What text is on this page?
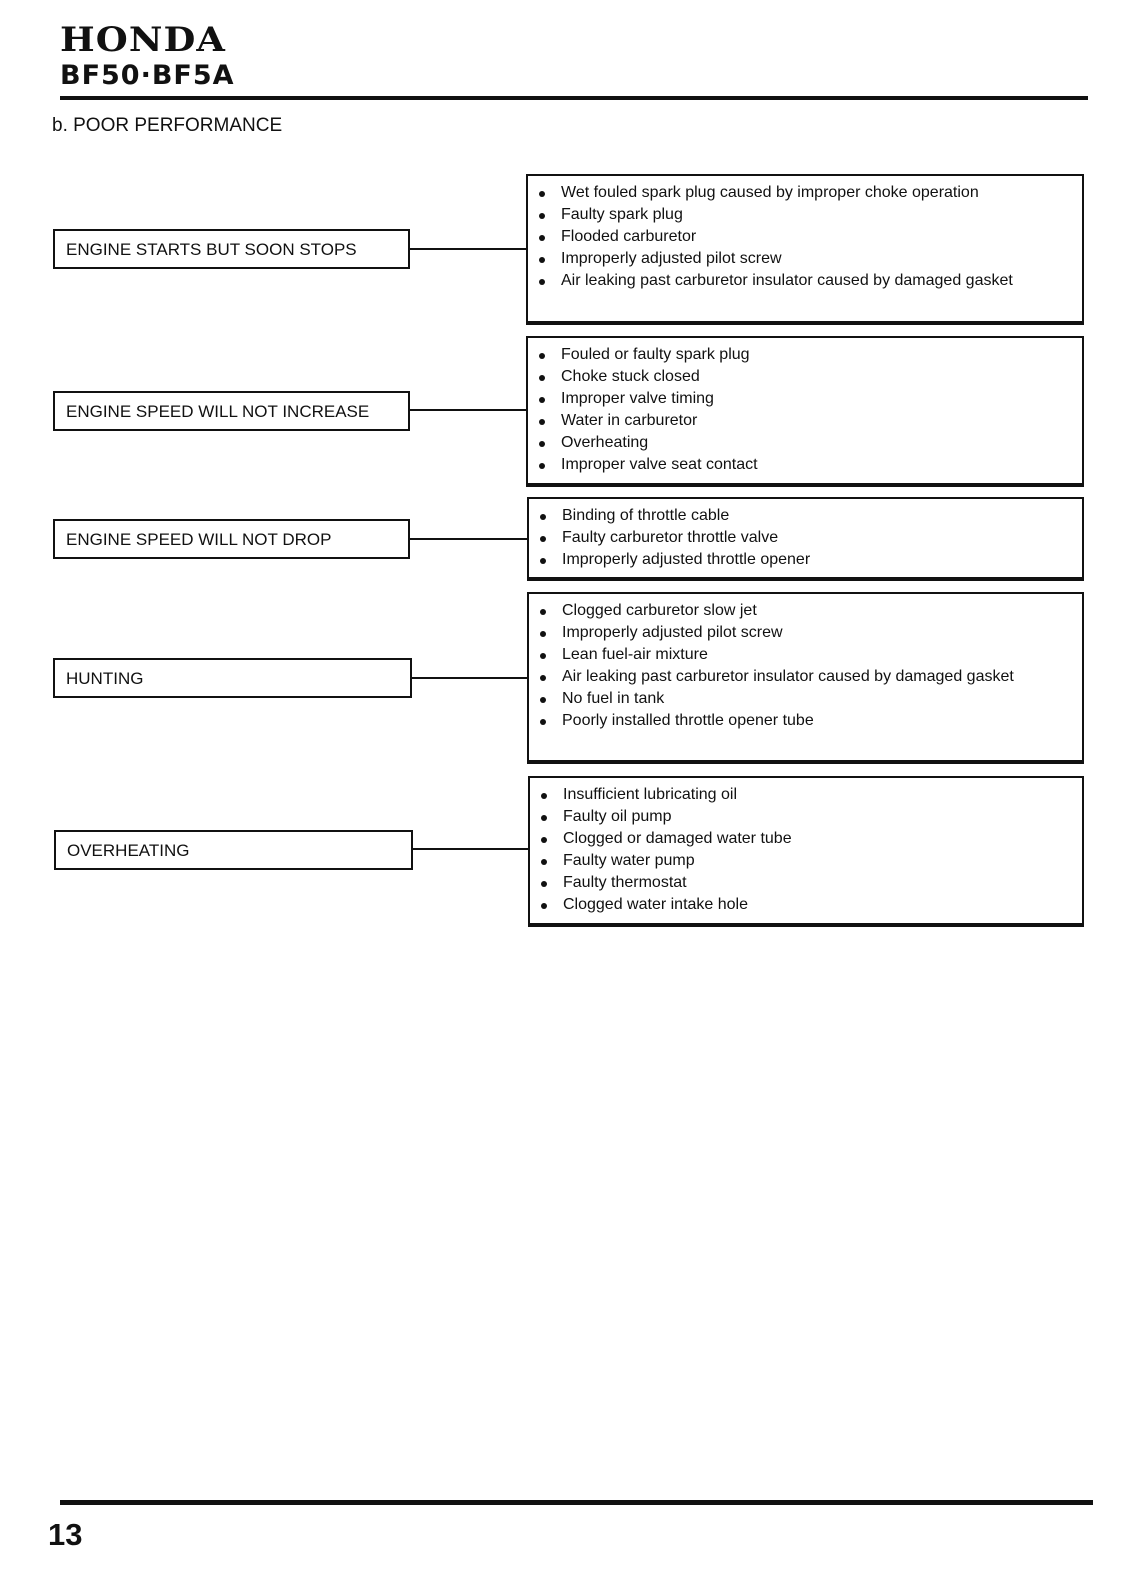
HONDA
BF50·BF5A
b. POOR PERFORMANCE
ENGINE STARTS BUT SOON STOPS
Wet fouled spark plug caused by improper choke operation
Faulty spark plug
Flooded carburetor
Improperly adjusted pilot screw
Air leaking past carburetor insulator caused by damaged gasket
ENGINE SPEED WILL NOT INCREASE
Fouled or faulty spark plug
Choke stuck closed
Improper valve timing
Water in carburetor
Overheating
Improper valve seat contact
ENGINE SPEED WILL NOT DROP
Binding of throttle cable
Faulty carburetor throttle valve
Improperly adjusted throttle opener
HUNTING
Clogged carburetor slow jet
Improperly adjusted pilot screw
Lean fuel-air mixture
Air leaking past carburetor insulator caused by damaged gasket
No fuel in tank
Poorly installed throttle opener tube
OVERHEATING
Insufficient lubricating oil
Faulty oil pump
Clogged or damaged water tube
Faulty water pump
Faulty thermostat
Clogged water intake hole
13
